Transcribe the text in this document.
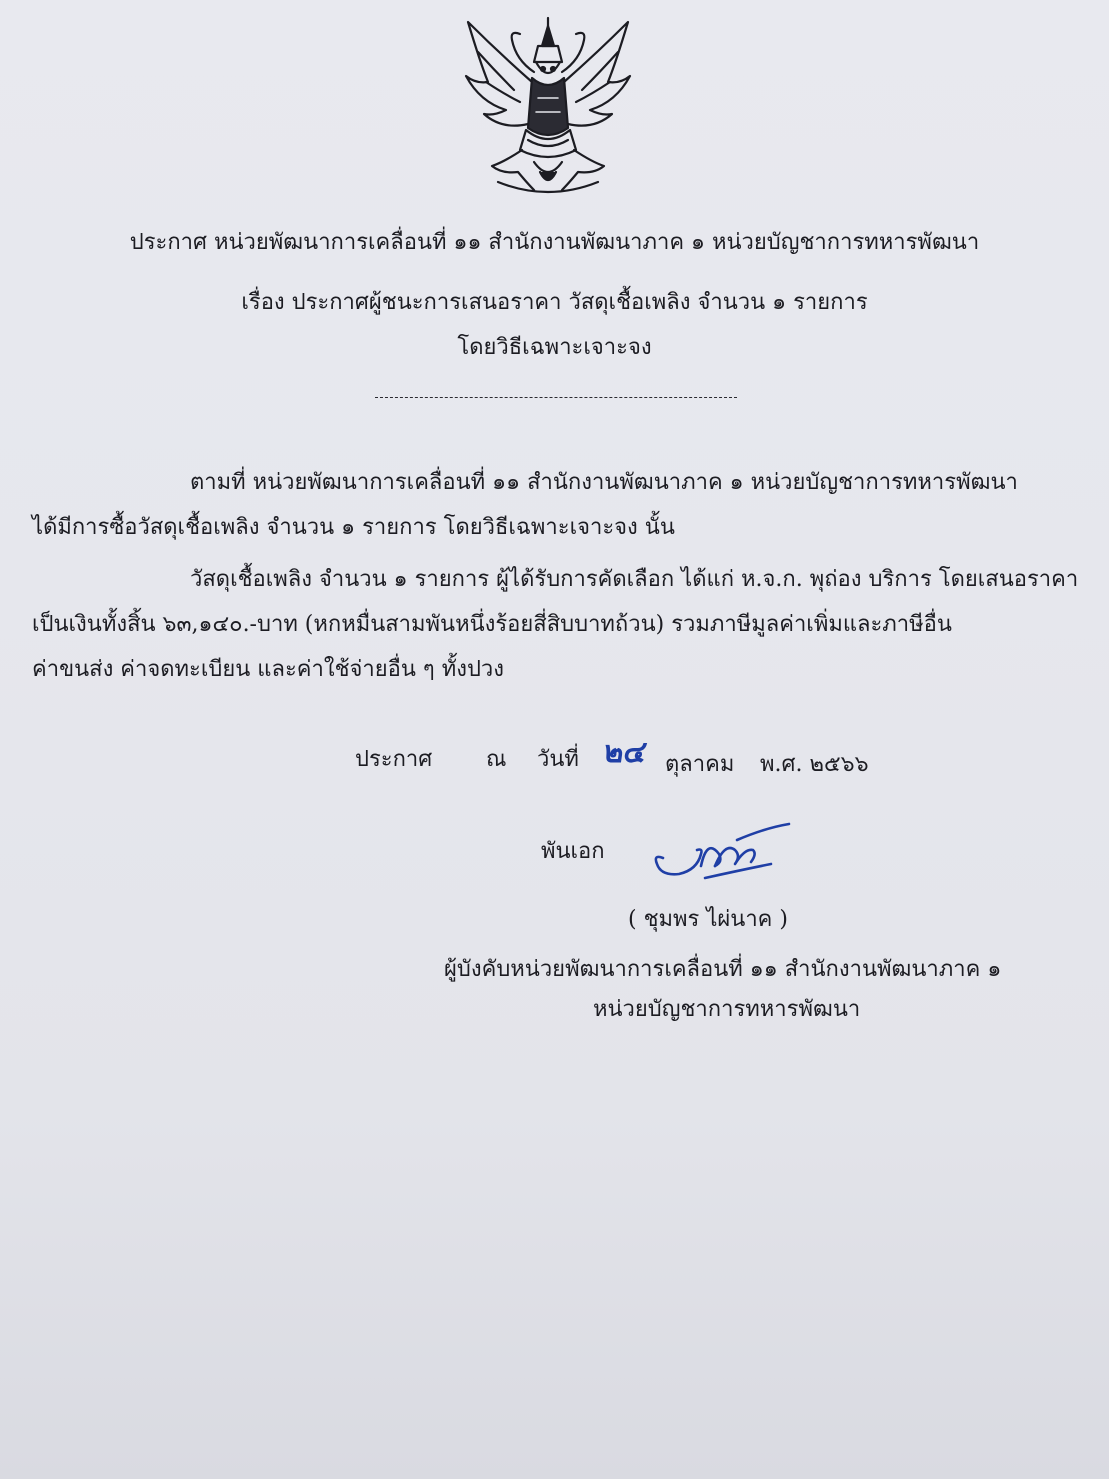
ประกาศ หน่วยพัฒนาการเคลื่อนที่ ๑๑ สำนักงานพัฒนาภาค ๑ หน่วยบัญชาการทหารพัฒนา
เรื่อง ประกาศผู้ชนะการเสนอราคา วัสดุเชื้อเพลิง จำนวน ๑ รายการ
โดยวิธีเฉพาะเจาะจง
ตามที่ หน่วยพัฒนาการเคลื่อนที่ ๑๑ สำนักงานพัฒนาภาค ๑ หน่วยบัญชาการทหารพัฒนา
ได้มีการซื้อวัสดุเชื้อเพลิง จำนวน ๑ รายการ โดยวิธีเฉพาะเจาะจง นั้น
วัสดุเชื้อเพลิง จำนวน ๑ รายการ ผู้ได้รับการคัดเลือก ได้แก่ ห.จ.ก. พุถ่อง บริการ โดยเสนอราคา
เป็นเงินทั้งสิ้น ๖๓,๑๔๐.-บาท (หกหมื่นสามพันหนึ่งร้อยสี่สิบบาทถ้วน) รวมภาษีมูลค่าเพิ่มและภาษีอื่น
ค่าขนส่ง ค่าจดทะเบียน และค่าใช้จ่ายอื่น ๆ ทั้งปวง
ประกาศ ณ วันที่ ๒๔ ตุลาคม พ.ศ. ๒๕๖๖
พันเอก
( ชุมพร ไผ่นาค )
ผู้บังคับหน่วยพัฒนาการเคลื่อนที่ ๑๑ สำนักงานพัฒนาภาค ๑
หน่วยบัญชาการทหารพัฒนา
